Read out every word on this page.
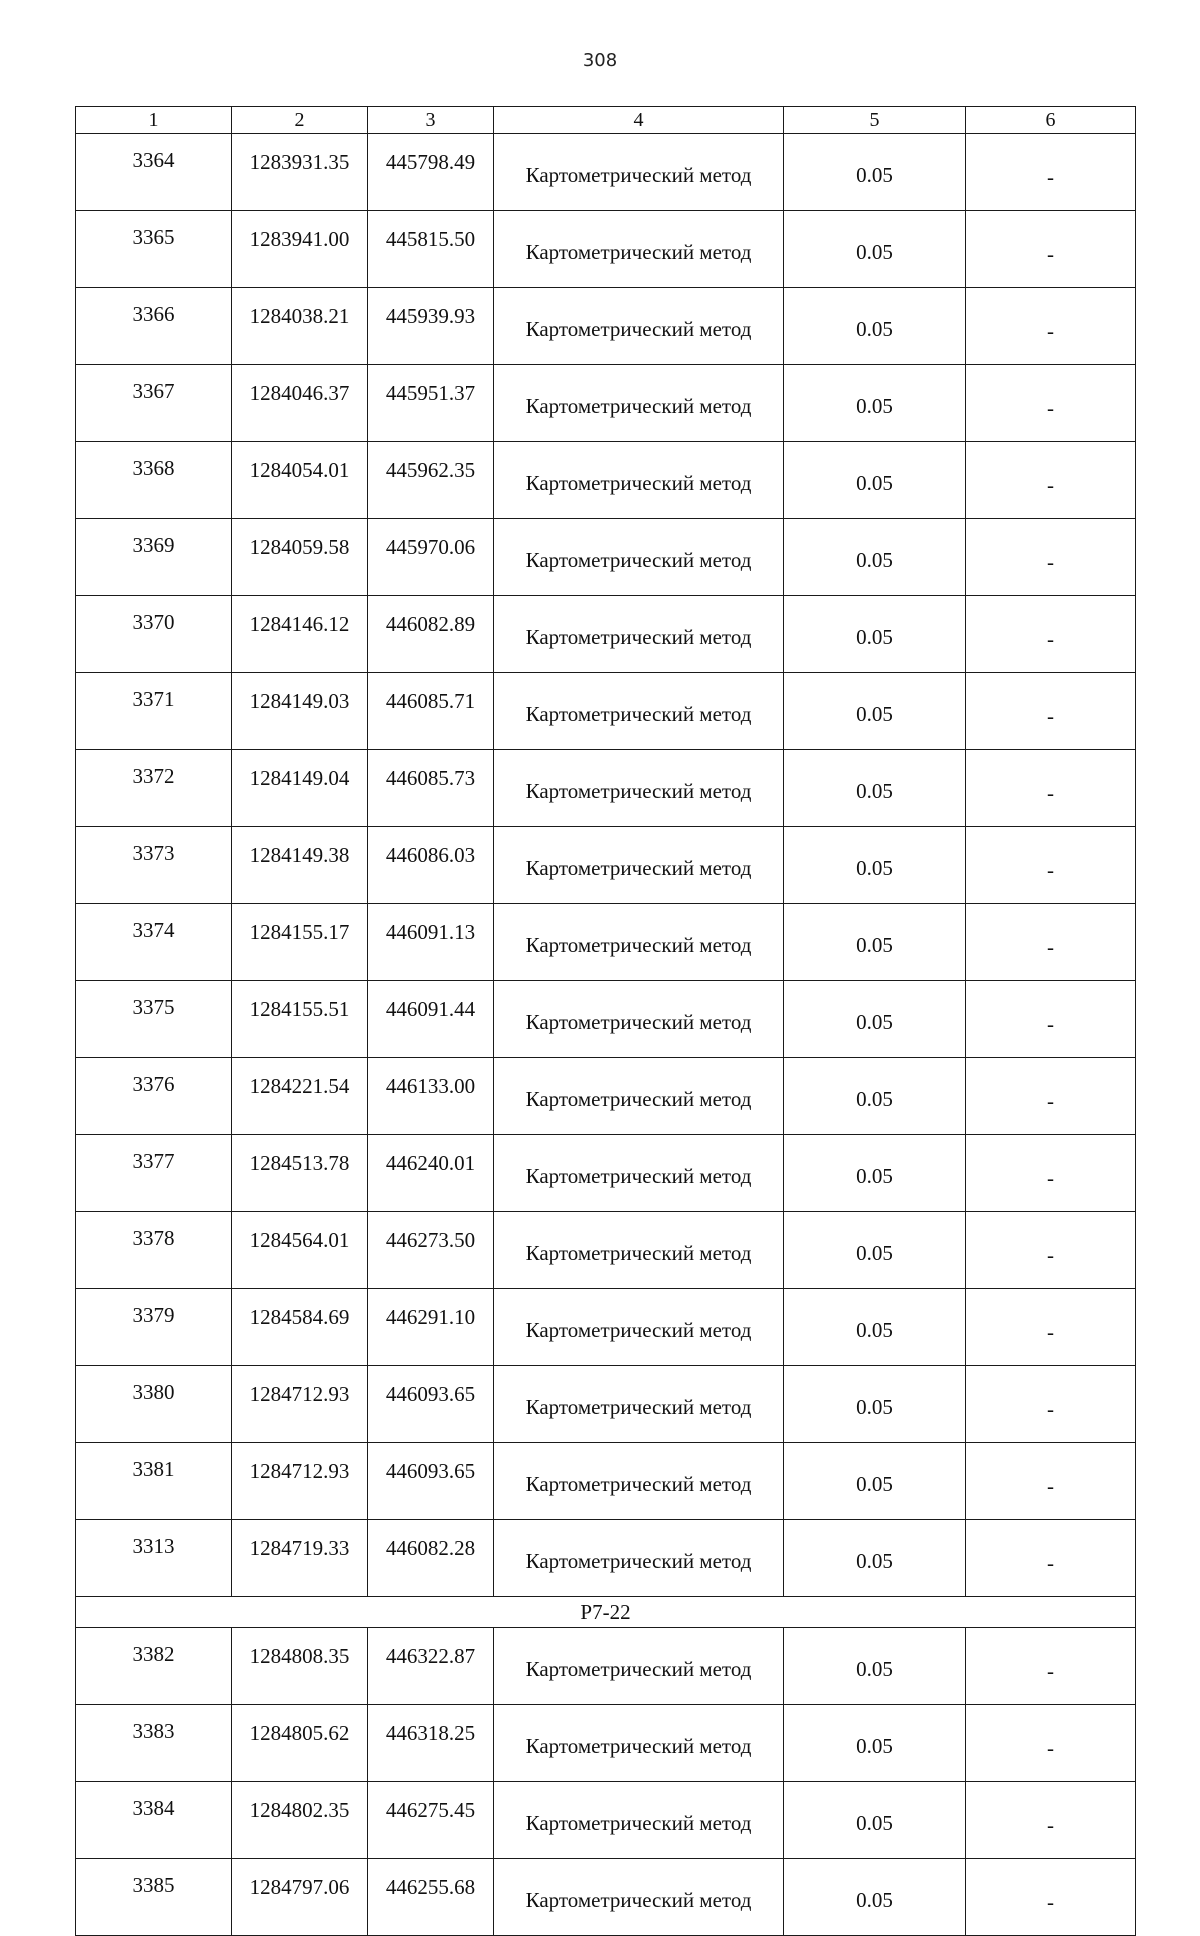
308
1	2	3	4	5	6
3364	1283931.35	445798.49	Картометрический метод	0.05	-
3365	1283941.00	445815.50	Картометрический метод	0.05	-
3366	1284038.21	445939.93	Картометрический метод	0.05	-
3367	1284046.37	445951.37	Картометрический метод	0.05	-
3368	1284054.01	445962.35	Картометрический метод	0.05	-
3369	1284059.58	445970.06	Картометрический метод	0.05	-
3370	1284146.12	446082.89	Картометрический метод	0.05	-
3371	1284149.03	446085.71	Картометрический метод	0.05	-
3372	1284149.04	446085.73	Картометрический метод	0.05	-
3373	1284149.38	446086.03	Картометрический метод	0.05	-
3374	1284155.17	446091.13	Картометрический метод	0.05	-
3375	1284155.51	446091.44	Картометрический метод	0.05	-
3376	1284221.54	446133.00	Картометрический метод	0.05	-
3377	1284513.78	446240.01	Картометрический метод	0.05	-
3378	1284564.01	446273.50	Картометрический метод	0.05	-
3379	1284584.69	446291.10	Картометрический метод	0.05	-
3380	1284712.93	446093.65	Картометрический метод	0.05	-
3381	1284712.93	446093.65	Картометрический метод	0.05	-
3313	1284719.33	446082.28	Картометрический метод	0.05	-
Р7-22					
3382	1284808.35	446322.87	Картометрический метод	0.05	-
3383	1284805.62	446318.25	Картометрический метод	0.05	-
3384	1284802.35	446275.45	Картометрический метод	0.05	-
3385	1284797.06	446255.68	Картометрический метод	0.05	-
